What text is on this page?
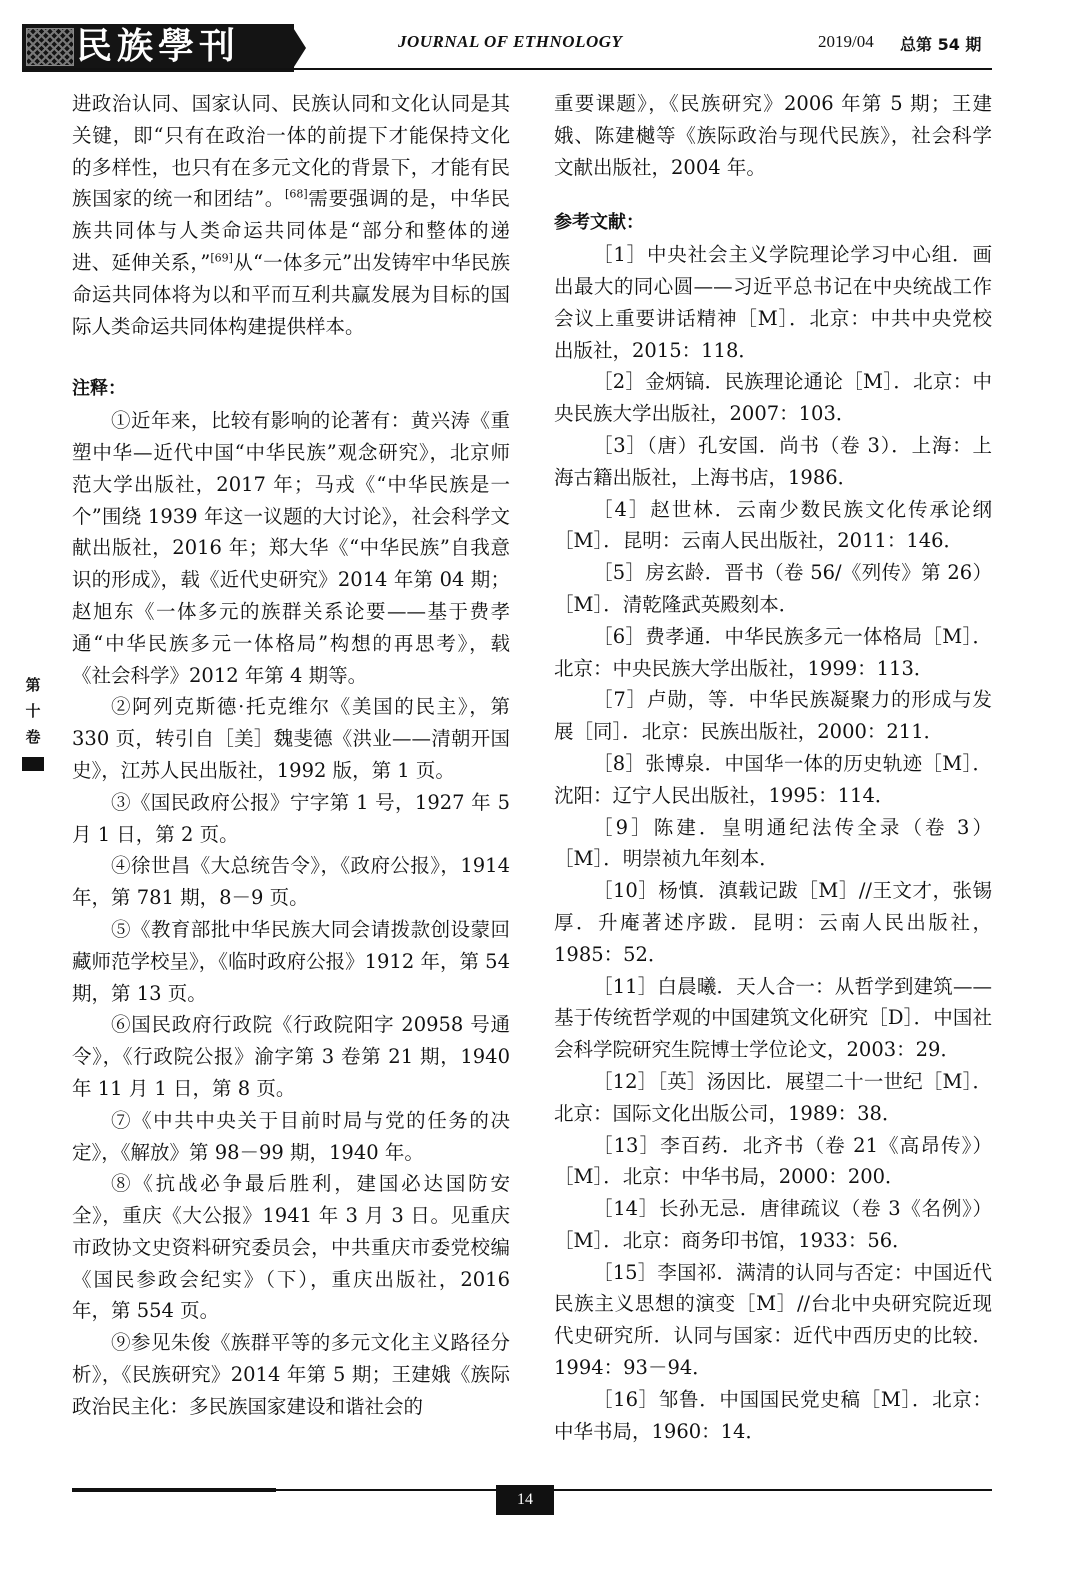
民族學刊	JOURNAL OF ETHNOLOGY	2019/04 总第 54 期
第
十
卷

进政治认同、国家认同、民族认同和文化认同是其关键，即“只有在政治一体的前提下才能保持文化的多样性，也只有在多元文化的背景下，才能有民族国家的统一和团结”。[68]需要强调的是，中华民族共同体与人类命运共同体是“部分和整体的递进、延伸关系，”[69]从“一体多元”出发铸牢中华民族命运共同体将为以和平而互利共赢发展为目标的国际人类命运共同体构建提供样本。

注释：

①近年来，比较有影响的论著有：黄兴涛《重塑中华—近代中国“中华民族”观念研究》，北京师范大学出版社，2017 年；马戎《“中华民族是一个”围绕 1939 年这一议题的大讨论》，社会科学文献出版社，2016 年；郑大华《“中华民族”自我意识的形成》，载《近代史研究》2014 年第 04 期；赵旭东《一体多元的族群关系论要——基于费孝通“中华民族多元一体格局”构想的再思考》，载《社会科学》2012 年第 4 期等。

②阿列克斯德·托克维尔《美国的民主》，第 330 页，转引自［美］魏斐德《洪业——清朝开国史》，江苏人民出版社，1992 版，第 1 页。

③《国民政府公报》宁字第 1 号，1927 年 5 月 1 日，第 2 页。

④徐世昌《大总统告令》，《政府公报》，1914 年，第 781 期，8－9 页。

⑤《教育部批中华民族大同会请拨款创设蒙回藏师范学校呈》，《临时政府公报》1912 年，第 54 期，第 13 页。

⑥国民政府行政院《行政院阳字 20958 号通令》，《行政院公报》渝字第 3 卷第 21 期，1940 年 11 月 1 日，第 8 页。

⑦《中共中央关于目前时局与党的任务的决定》，《解放》第 98－99 期，1940 年。

⑧《抗战必争最后胜利，建国必达国防安全》，重庆《大公报》1941 年 3 月 3 日。见重庆市政协文史资料研究委员会，中共重庆市委党校编《国民参政会纪实》（下），重庆出版社，2016 年，第 554 页。

⑨参见朱俊《族群平等的多元文化主义路径分析》，《民族研究》2014 年第 5 期；王建娥《族际政治民主化：多民族国家建设和谐社会的

重要课题》，《民族研究》2006 年第 5 期；王建娥、陈建樾等《族际政治与现代民族》，社会科学文献出版社，2004 年。

参考文献：

［1］中央社会主义学院理论学习中心组．画出最大的同心圆——习近平总书记在中央统战工作会议上重要讲话精神［M］．北京：中共中央党校出版社，2015：118．

［2］金炳镐．民族理论通论［M］．北京：中央民族大学出版社，2007：103．

［3］（唐）孔安国．尚书（卷 3）．上海：上海古籍出版社，上海书店，1986．

［4］赵世林．云南少数民族文化传承论纲［M］．昆明：云南人民出版社，2011：146．

［5］房玄龄．晋书（卷 56/《列传》第 26）［M］．清乾隆武英殿刻本．

［6］费孝通．中华民族多元一体格局［M］．北京：中央民族大学出版社，1999：113．

［7］卢勋，等．中华民族凝聚力的形成与发展［同］．北京：民族出版社，2000：211．

［8］张博泉．中国华一体的历史轨迹［M］．沈阳：辽宁人民出版社，1995：114．

［9］陈建．皇明通纪法传全录（卷 3）［M］．明崇祯九年刻本．

［10］杨慎．滇载记跋［M］//王文才，张锡厚．升庵著述序跋．昆明：云南人民出版社，1985：52．

［11］白晨曦．天人合一：从哲学到建筑——基于传统哲学观的中国建筑文化研究［D］．中国社会科学院研究生院博士学位论文，2003：29．

［12］［英］汤因比．展望二十一世纪［M］．北京：国际文化出版公司，1989：38．

［13］李百药．北齐书（卷 21《高昂传》）［M］．北京：中华书局，2000：200．

［14］长孙无忌．唐律疏议（卷 3《名例》）［M］．北京：商务印书馆，1933：56．

［15］李国祁．满清的认同与否定：中国近代民族主义思想的演变［M］//台北中央研究院近现代史研究所．认同与国家：近代中西历史的比较．1994：93－94．

［16］邹鲁．中国国民党史稿［M］．北京：中华书局，1960：14．

14
